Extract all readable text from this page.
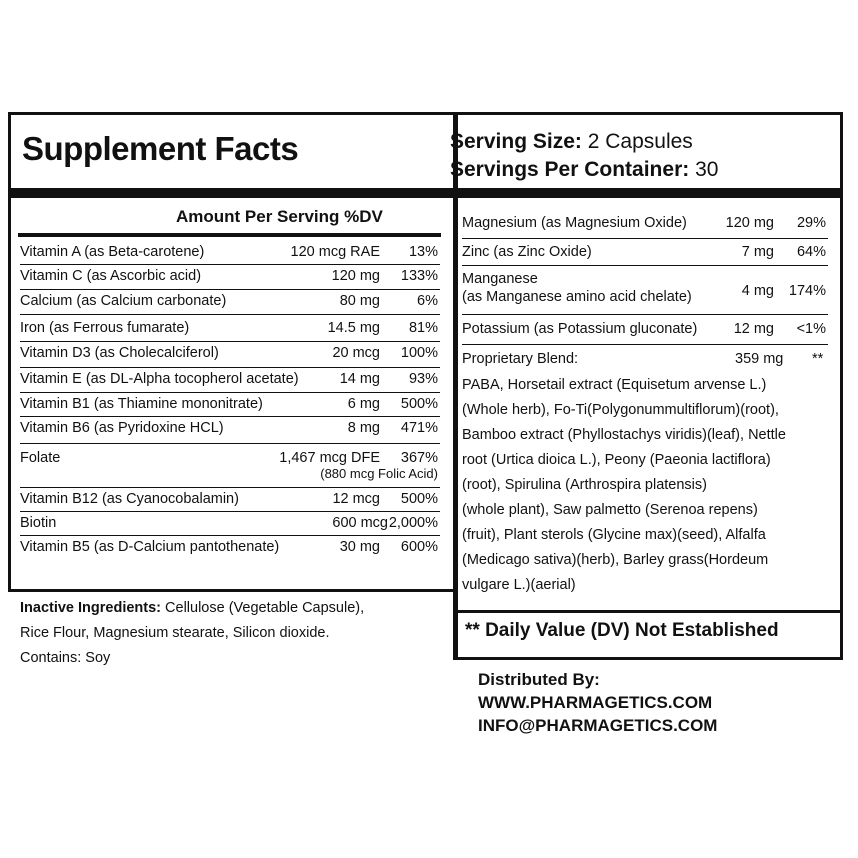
Supplement Facts	Serving Size: 2 Capsules
Servings Per Container: 30
Amount Per Serving %DV
Vitamin A (as Beta-carotene)	120 mcg RAE 13%
Vitamin C (as Ascorbic acid)	120 mg 133%
Calcium (as Calcium carbonate)	80 mg	6%
Iron (as Ferrous fumarate)	14.5 mg 81%
Vitamin D3 (as Cholecalciferol)	20 mcg 100%
Vitamin E (as DL-Alpha tocopherol acetate)	14 mg 93%
Vitamin B1 (as Thiamine mononitrate)	6 mg 500%
Vitamin B6 (as Pyridoxine HCL)	8 mg 471%
Folate	1,467 mcg DFE 367%
(880 mcg Folic Acid)
Vitamin B12 (as Cyanocobalamin)	12 mcg 500%
Biotin	600 mcg 2,000%
Vitamin B5 (as D-Calcium pantothenate)	30 mg 600%
Magnesium (as Magnesium Oxide)	120 mg 29%
Zinc (as Zinc Oxide)	7 mg 64%
Manganese
(as Manganese amino acid chelate)	4 mg 174%
Potassium (as Potassium gluconate)	12 mg <1%
Proprietary Blend:	359 mg **
PABA, Horsetail extract (Equisetum arvense L.)
(Whole herb), Fo-Ti(Polygonummultiflorum)(root),
Bamboo extract (Phyllostachys viridis)(leaf), Nettle
root (Urtica dioica L.), Peony (Paeonia lactiflora)
(root), Spirulina (Arthrospira platensis)
(whole plant), Saw palmetto (Serenoa repens)
(fruit), Plant sterols (Glycine max)(seed), Alfalfa
(Medicago sativa)(herb), Barley grass(Hordeum
vulgare L.)(aerial)
** Daily Value (DV) Not Established
Inactive Ingredients: Cellulose (Vegetable Capsule),
Rice Flour, Magnesium stearate, Silicon dioxide.
Contains: Soy
Distributed By:
WWW.PHARMAGETICS.COM
INFO@PHARMAGETICS.COM
